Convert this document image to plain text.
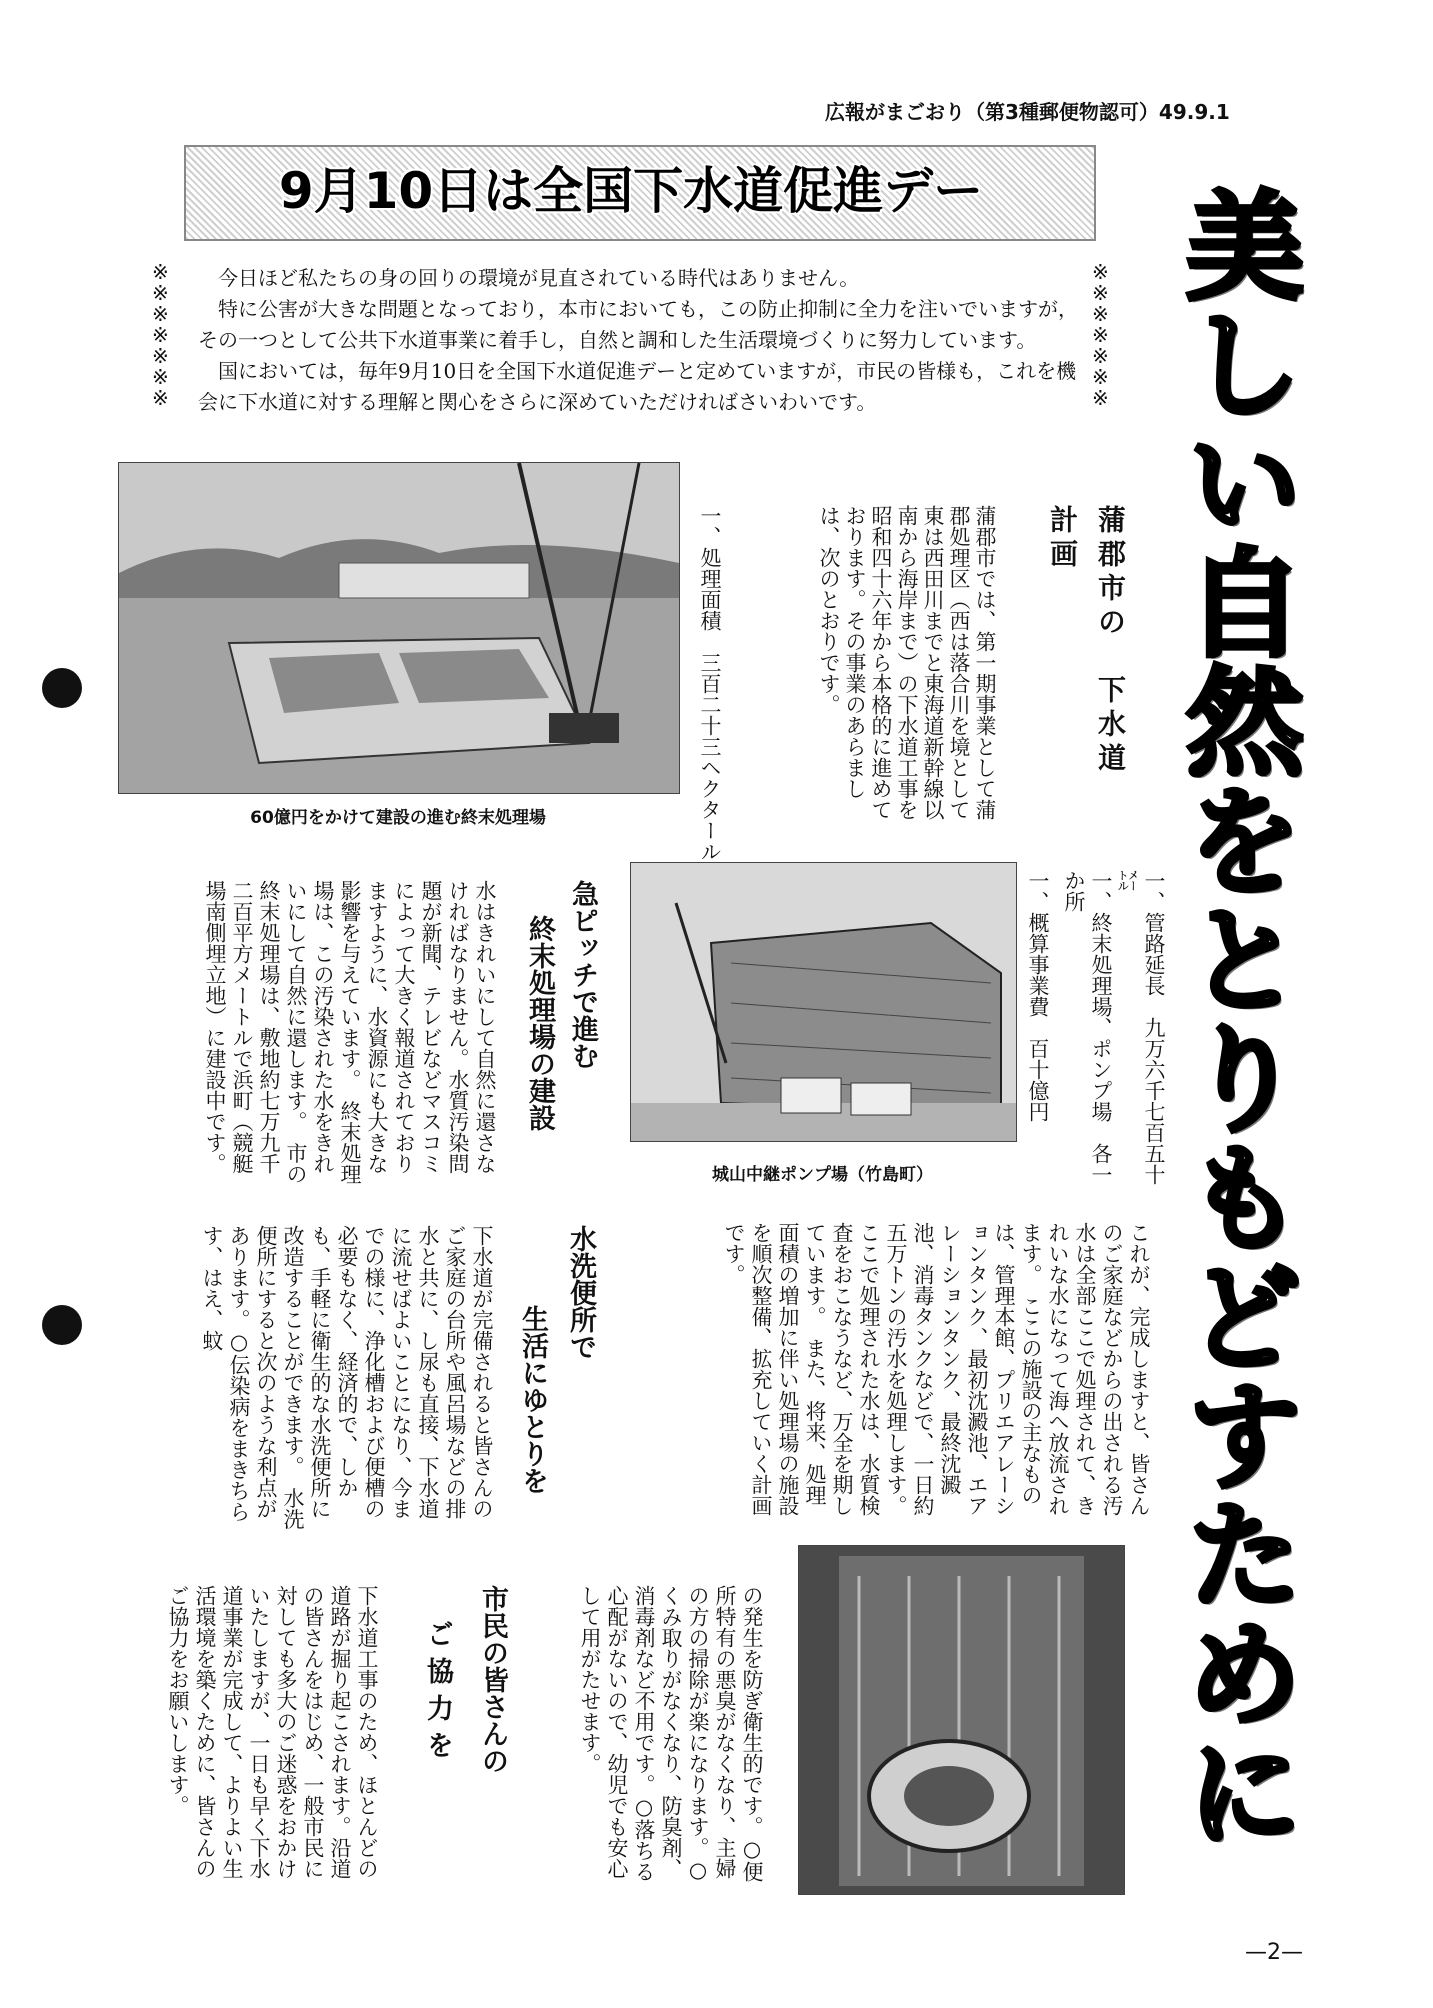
広報がまごおり（第3種郵便物認可）49.9.1
9月10日は全国下水道促進デー	美しい自然をとりもどすために
※※※※※※※
※※※※※※※

今日ほど私たちの身の回りの環境が見直されている時代はありません。

特に公害が大きな問題となっており，本市においても，この防止抑制に全力を注いでいますが，その一つとして公共下水道事業に着手し，自然と調和した生活環境づくりに努力しています。

国においては，毎年9月10日を全国下水道促進デーと定めていますが，市民の皆様も，これを機会に下水道に対する理解と関心をさらに深めていただければさいわいです。

60億円をかけて建設の進む終末処理場
城山中継ポンプ場（竹島町）
蒲郡市の　下水道計画
蒲郡市では、第一期事業として蒲郡処理区（西は落合川を境として東は西田川までと東海道新幹線以南から海岸まで）の下水道工事を昭和四十六年から本格的に進めております。その事業のあらましは、次のとおりです。
一、処理面積　三百二十三ヘクタール
一、管路延長　九万六千七百五十㍍
一、終末処理場、ポンプ場　各一か所
一、概算事業費　百十億円
これが、完成しますと、皆さんのご家庭などからの出される汚水は全部ここで処理されて、きれいな水になって海へ放流されます。　ここの施設の主なものは、管理本館、プリエアレーションタンク、最初沈澱池、エアレーションタンク、最終沈澱池、消毒タンクなどで、一日約五万トンの汚水を処理します。　ここで処理された水は、水質検査をおこなうなど、万全を期しています。　また、将来、処理面積の増加に伴い処理場の施設を順次整備、拡充していく計画です。
急ピッチで進む
終末処理場の建設
水はきれいにして自然に還さなければなりません。水質汚染問題が新聞、テレビなどマスコミによって大きく報道されておりますように、水資源にも大きな影響を与えています。　終末処理場は、この汚染された水をきれいにして自然に還します。　市の終末処理場は、敷地約七万九千二百平方メートルで浜町（競艇場南側埋立地）に建設中です。
水洗便所で
生活にゆとりを
下水道が完備されると皆さんのご家庭の台所や風呂場などの排水と共に、し尿も直接、下水道に流せばよいことになり、今までの様に、浄化槽および便槽の必要もなく、経済的で、しかも、手軽に衛生的な水洗便所に改造することができます。　水洗便所にすると次のような利点があります。○伝染病をまきちらす、はえ、蚊
の発生を防ぎ衛生的です。○便所特有の悪臭がなくなり、主婦の方の掃除が楽になります。○くみ取りがなくなり、防臭剤、消毒剤など不用です。○落ちる心配がないので、幼児でも安心して用がたせます。
市民の皆さんの
ご協力を
下水道工事のため、ほとんどの道路が掘り起こされます。沿道の皆さんをはじめ、一般市民に対しても多大のご迷惑をおかけいたしますが、一日も早く下水道事業が完成して、よりよい生活環境を築くために、皆さんのご協力をお願いします。
—2—
